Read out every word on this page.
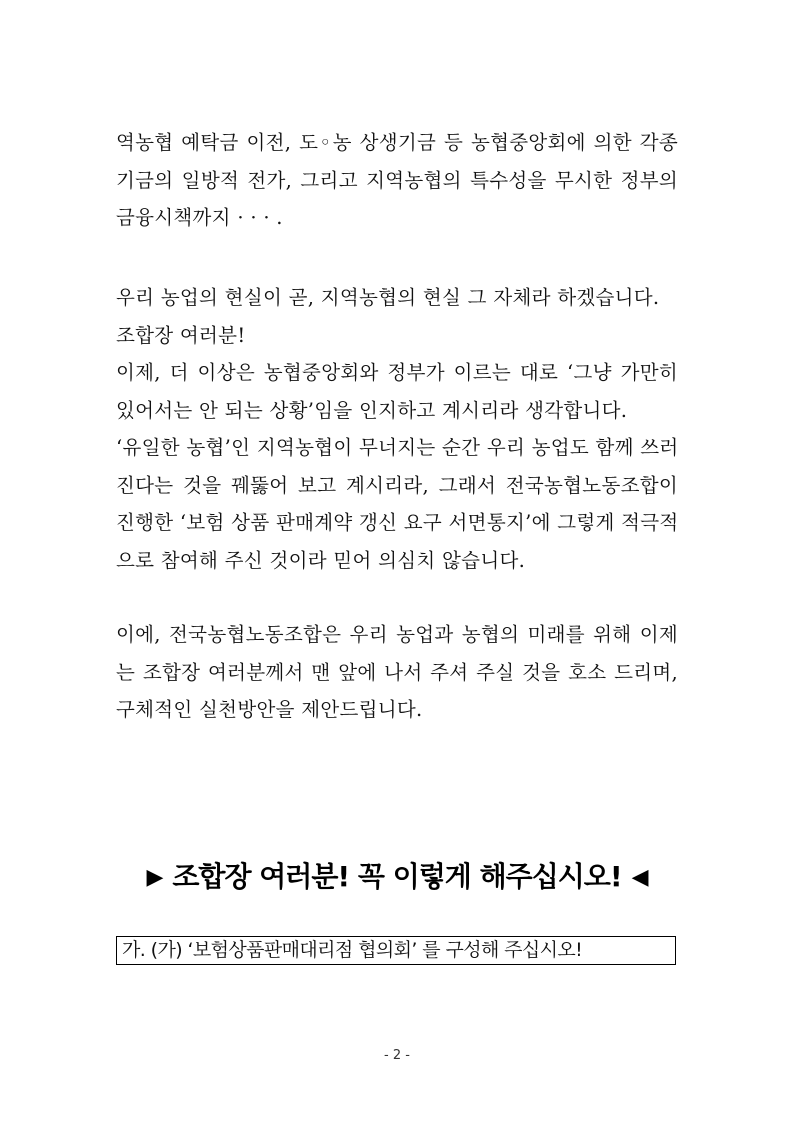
역농협 예탁금 이전, 도◦농 상생기금 등 농협중앙회에 의한 각종
기금의 일방적 전가, 그리고 지역농협의 특수성을 무시한 정부의
금융시책까지 · · · .
우리 농업의 현실이 곧, 지역농협의 현실 그 자체라 하겠습니다.
조합장 여러분!
이제, 더 이상은 농협중앙회와 정부가 이르는 대로 ‘그냥 가만히
있어서는 안 되는 상황’임을 인지하고 계시리라 생각합니다.
‘유일한 농협’인 지역농협이 무너지는 순간 우리 농업도 함께 쓰러
진다는 것을 꿰뚫어 보고 계시리라, 그래서 전국농협노동조합이
진행한 ‘보험 상품 판매계약 갱신 요구 서면통지’에 그렇게 적극적
으로 참여해 주신 것이라 믿어 의심치 않습니다.
이에, 전국농협노동조합은 우리 농업과 농협의 미래를 위해 이제
는 조합장 여러분께서 맨 앞에 나서 주셔 주실 것을 호소 드리며,
구체적인 실천방안을 제안드립니다.
▶ 조합장 여러분! 꼭 이렇게 해주십시오! ◀
가. (가) ‘보험상품판매대리점 협의회’ 를 구성해 주십시오!
- 2 -
